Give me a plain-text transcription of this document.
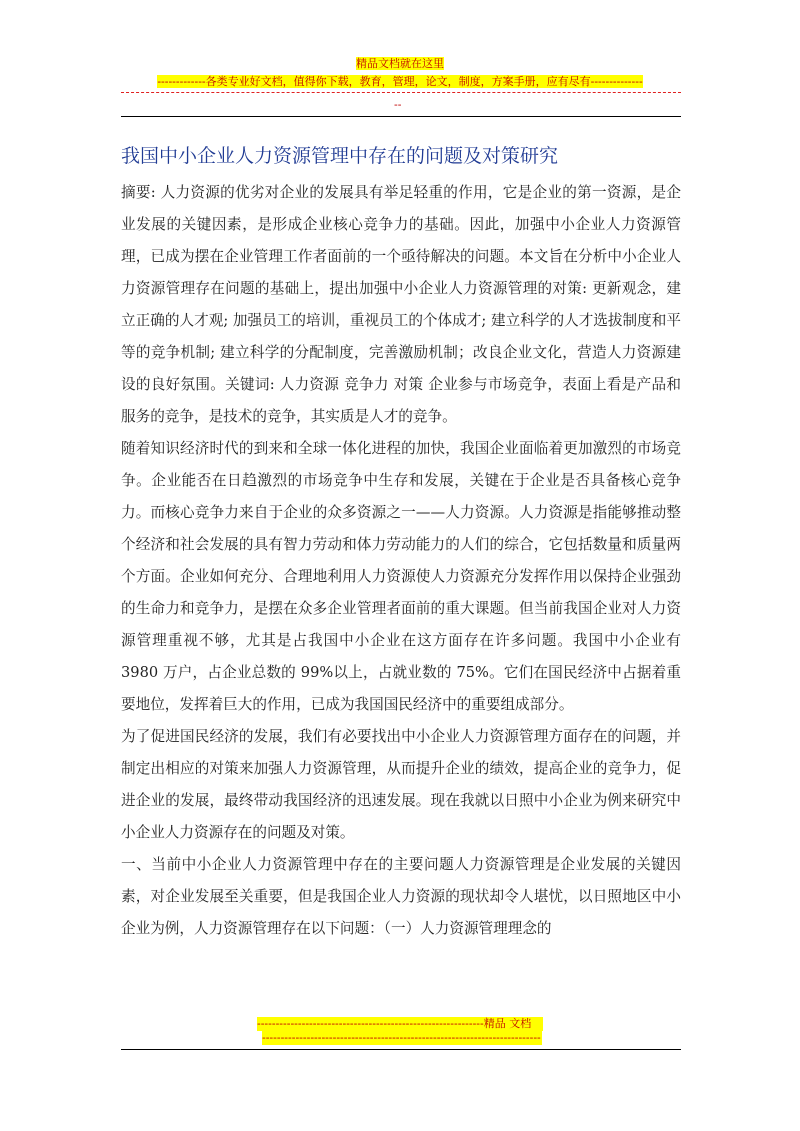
精品文档就在这里
-------------各类专业好文档，值得你下载，教育，管理，论文，制度，方案手册，应有尽有--------------
--
我国中小企业人力资源管理中存在的问题及对策研究

摘要: 人力资源的优劣对企业的发展具有举足轻重的作用，它是企业的第一资源，是企业发展的关键因素，是形成企业核心竞争力的基础。因此，加强中小企业人力资源管理，已成为摆在企业管理工作者面前的一个亟待解决的问题。本文旨在分析中小企业人力资源管理存在问题的基础上，提出加强中小企业人力资源管理的对策: 更新观念，建立正确的人才观; 加强员工的培训，重视员工的个体成才; 建立科学的人才选拔制度和平等的竞争机制; 建立科学的分配制度，完善激励机制；改良企业文化，营造人力资源建设的良好氛围。关键词: 人力资源 竞争力 对策 企业参与市场竞争，表面上看是产品和服务的竞争，是技术的竞争，其实质是人才的竞争。

随着知识经济时代的到来和全球一体化进程的加快，我国企业面临着更加激烈的市场竞争。企业能否在日趋激烈的市场竞争中生存和发展，关键在于企业是否具备核心竞争力。而核心竞争力来自于企业的众多资源之一——人力资源。人力资源是指能够推动整个经济和社会发展的具有智力劳动和体力劳动能力的人们的综合，它包括数量和质量两个方面。企业如何充分、合理地利用人力资源使人力资源充分发挥作用以保持企业强劲的生命力和竞争力，是摆在众多企业管理者面前的重大课题。但当前我国企业对人力资源管理重视不够，尤其是占我国中小企业在这方面存在许多问题。我国中小企业有 3980 万户，占企业总数的 99%以上，占就业数的 75%。它们在国民经济中占据着重要地位，发挥着巨大的作用，已成为我国国民经济中的重要组成部分。

为了促进国民经济的发展，我们有必要找出中小企业人力资源管理方面存在的问题，并制定出相应的对策来加强人力资源管理，从而提升企业的绩效，提高企业的竞争力，促进企业的发展，最终带动我国经济的迅速发展。现在我就以日照中小企业为例来研究中小企业人力资源存在的问题及对策。

一、当前中小企业人力资源管理中存在的主要问题人力资源管理是企业发展的关键因素，对企业发展至关重要，但是我国企业人力资源的现状却令人堪忧，以日照地区中小企业为例，人力资源管理存在以下问题：（一）人力资源管理理念的

-------------------------------------------------------------精品 文档
---------------------------------------------------------------------------
